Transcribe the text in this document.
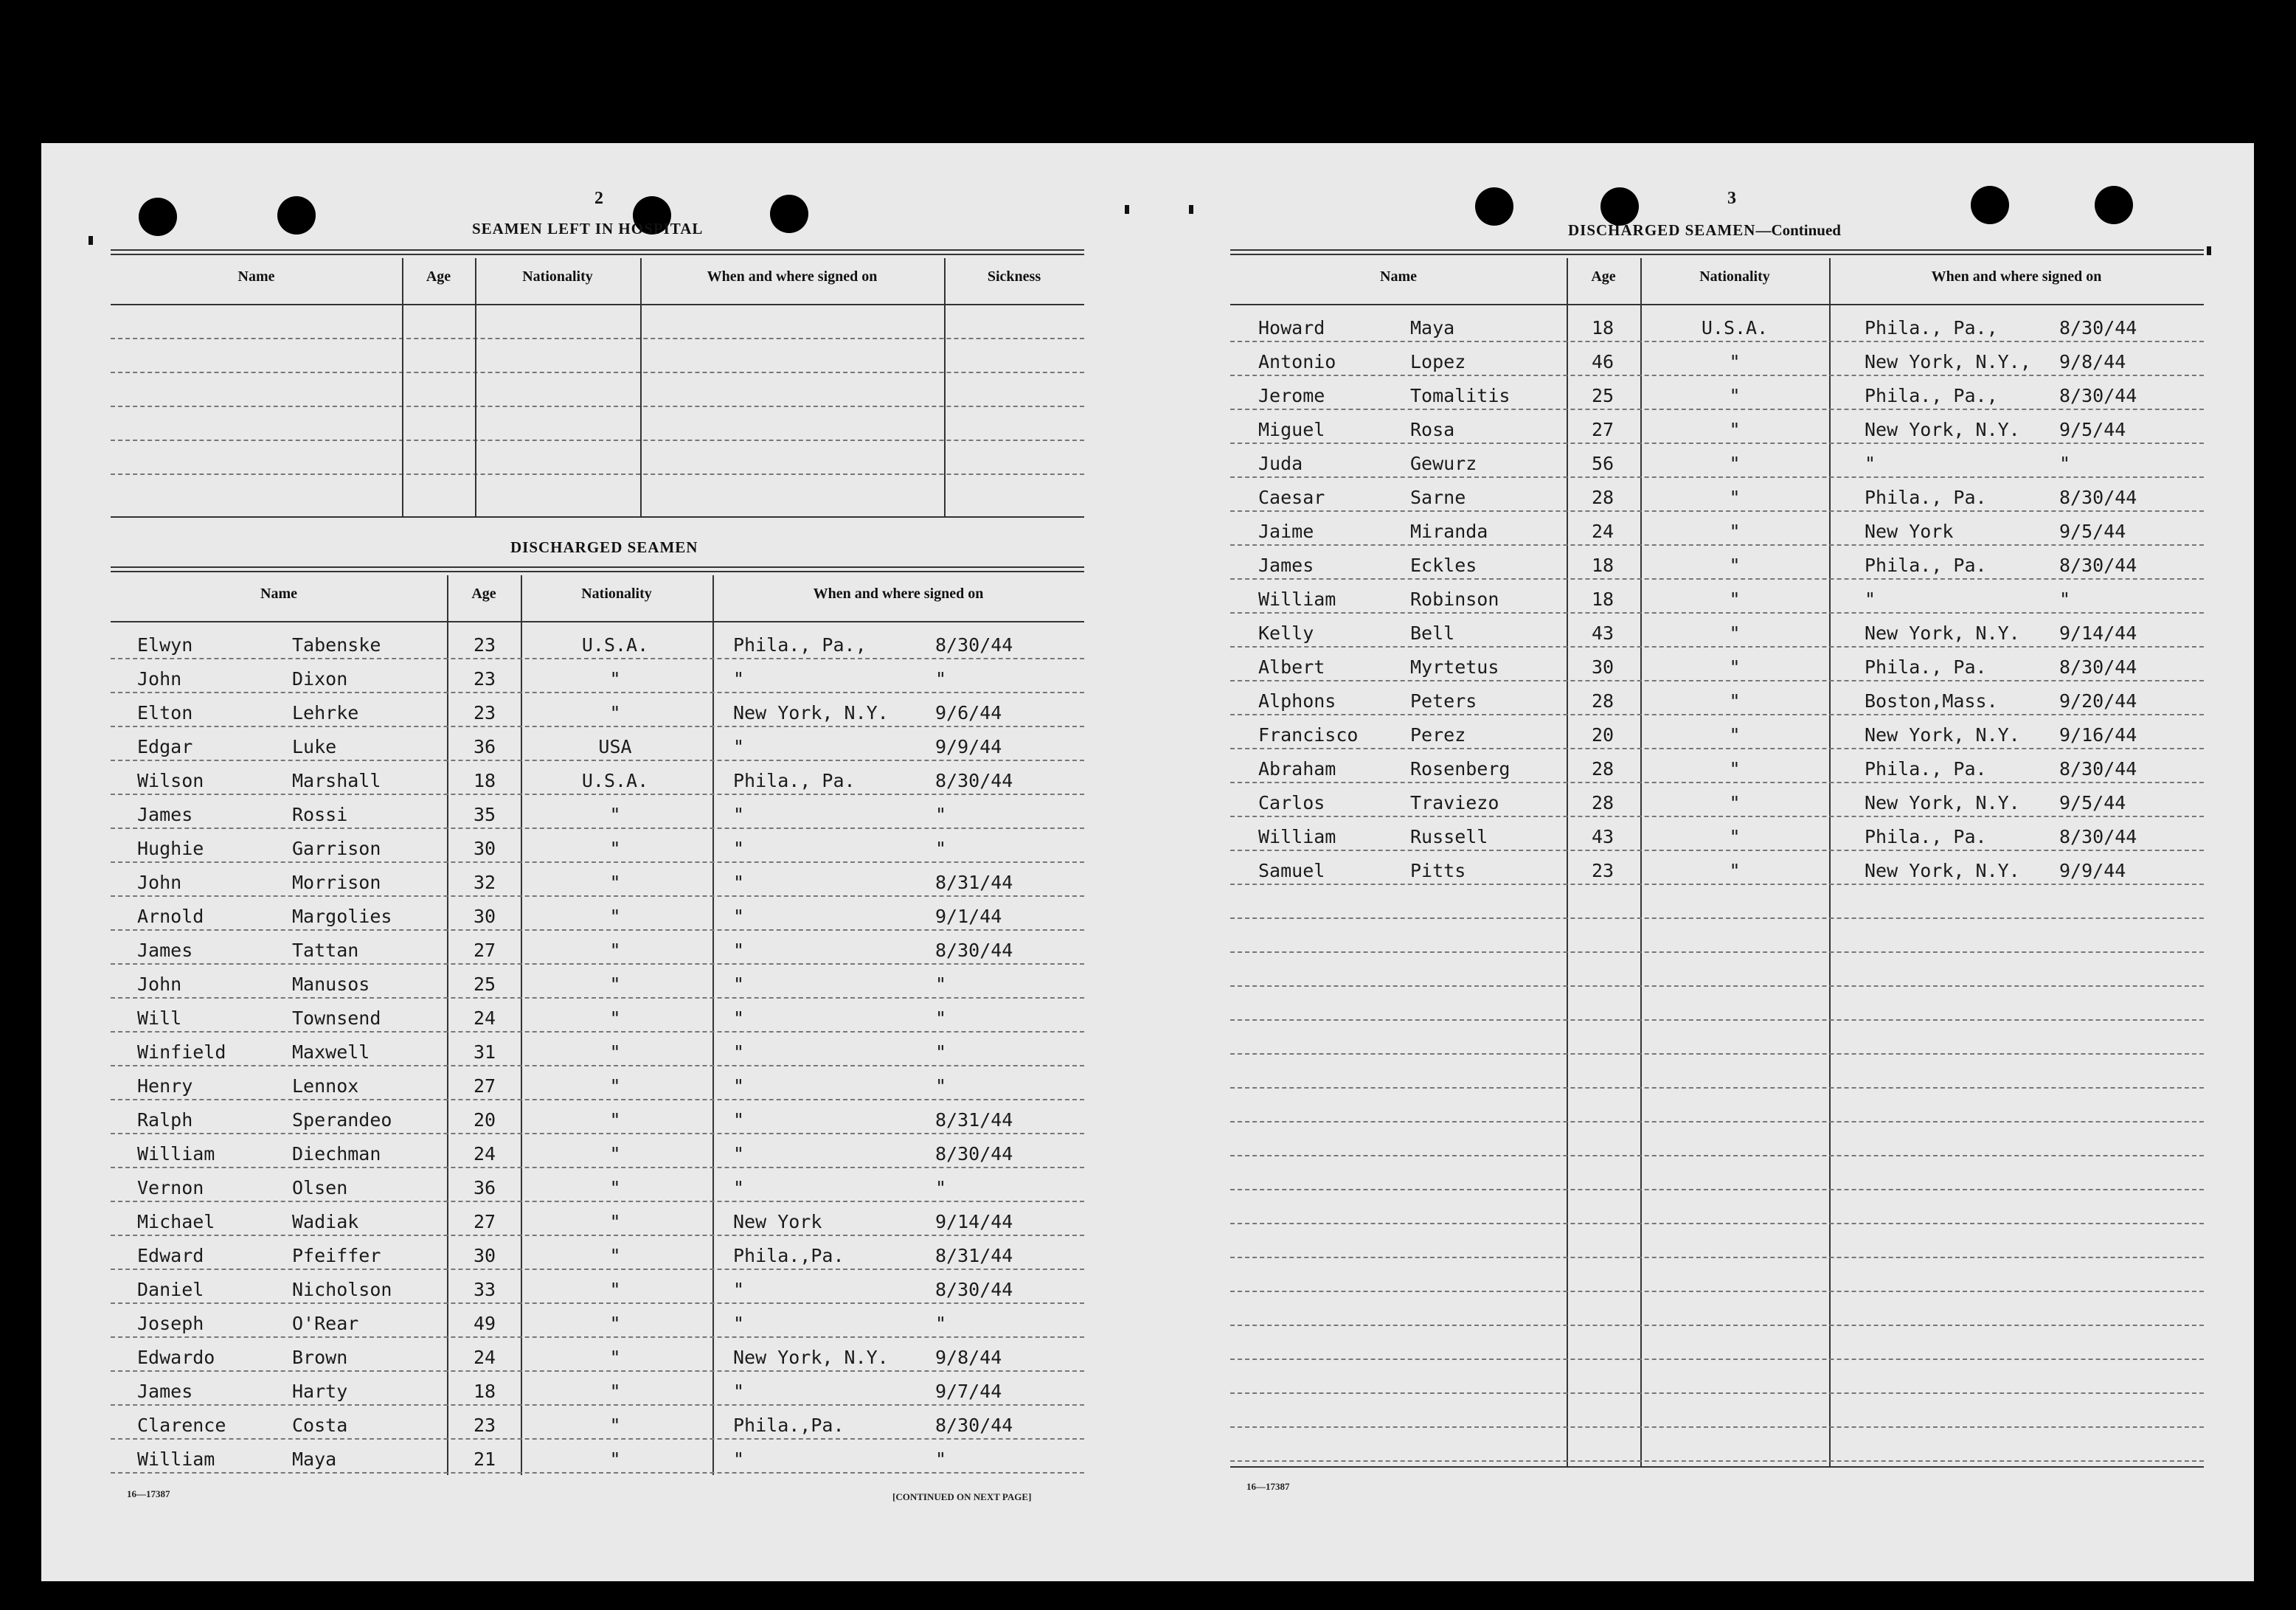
2
SEAMEN LEFT IN HOSPITAL
Name	Age	Nationality	When and where signed on	Sickness
DISCHARGED SEAMEN
Name	Age	Nationality	When and where signed on
Elwyn	Tabenske	23	U.S.A.	Phila., Pa.,	8/30/44
John	Dixon	23	"	"	"
Elton	Lehrke	23	"	New York, N.Y.	9/6/44
Edgar	Luke	36	USA	"	9/9/44
Wilson	Marshall	18	U.S.A.	Phila., Pa.	8/30/44
James	Rossi	35	"	"	"
Hughie	Garrison	30	"	"	"
John	Morrison	32	"	"	8/31/44
Arnold	Margolies	30	"	"	9/1/44
James	Tattan	27	"	"	8/30/44
John	Manusos	25	"	"	"
Will	Townsend	24	"	"	"
Winfield	Maxwell	31	"	"	"
Henry	Lennox	27	"	"	"
Ralph	Sperandeo	20	"	"	8/31/44
William	Diechman	24	"	"	8/30/44
Vernon	Olsen	36	"	"	"
Michael	Wadiak	27	"	New York	9/14/44
Edward	Pfeiffer	30	"	Phila.,Pa.	8/31/44
Daniel	Nicholson	33	"	"	8/30/44
Joseph	O'Rear	49	"	"	"
Edwardo	Brown	24	"	New York, N.Y.	9/8/44
James	Harty	18	"	"	9/7/44
Clarence	Costa	23	"	Phila.,Pa.	8/30/44
William	Maya	21	"	"	"
16—17387	[CONTINUED ON NEXT PAGE]
3
DISCHARGED SEAMEN—Continued
Name	Age	Nationality	When and where signed on
Howard	Maya	18	U.S.A.	Phila., Pa.,	8/30/44
Antonio	Lopez	46	"	New York, N.Y., 9/8/44
Jerome	Tomalitis	25	"	Phila., Pa.,	8/30/44
Miguel	Rosa	27	"	New York, N.Y. 9/5/44
Juda	Gewurz	56	"	"	"
Caesar	Sarne	28	"	Phila., Pa.	8/30/44
Jaime	Miranda	24	"	New York	9/5/44
James	Eckles	18	"	Phila., Pa.	8/30/44
William	Robinson	18	"	"	"
Kelly	Bell	43	"	New York, N.Y. 9/14/44
Albert	Myrtetus	30	"	Phila., Pa.	8/30/44
Alphons	Peters	28	"	Boston,Mass.	9/20/44
Francisco	Perez	20	"	New York, N.Y. 9/16/44
Abraham	Rosenberg	28	"	Phila., Pa.	8/30/44
Carlos	Traviezo	28	"	New York, N.Y. 9/5/44
William	Russell	43	"	Phila., Pa.	8/30/44
Samuel	Pitts	23	"	New York, N.Y. 9/9/44
16—17387
